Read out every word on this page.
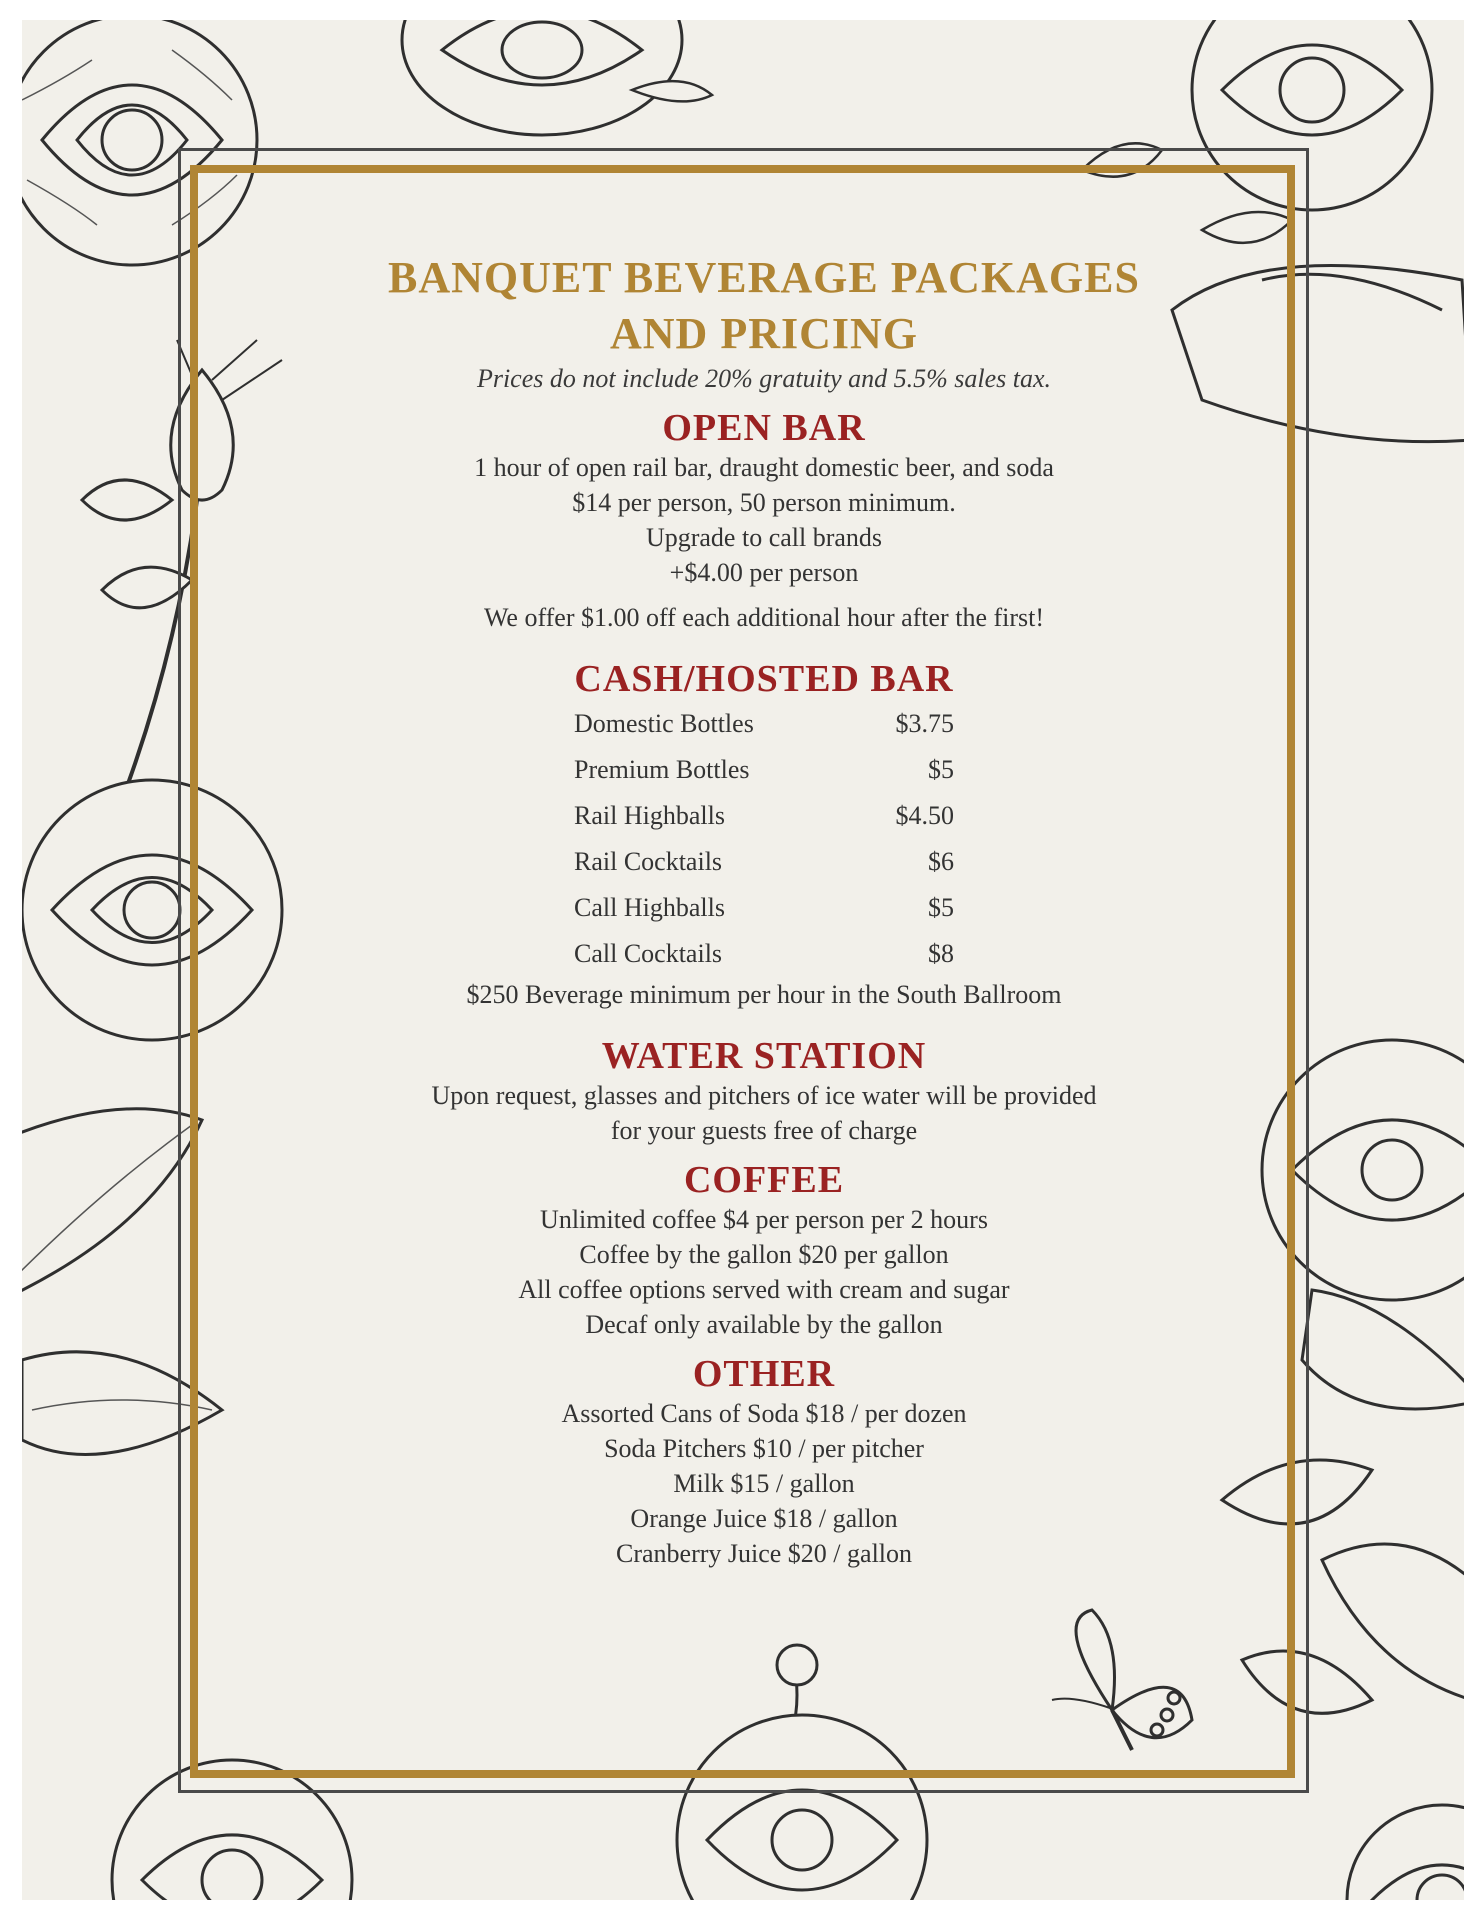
BANQUET BEVERAGE PACKAGES
AND PRICING

Prices do not include 20% gratuity and 5.5% sales tax.

OPEN BAR

1 hour of open rail bar, draught domestic beer, and soda

$14 per person, 50 person minimum.

Upgrade to call brands

+$4.00 per person

We offer $1.00 off each additional hour after the first!

CASH/HOSTED BAR
Domestic Bottles	$3.75
Premium Bottles	$5
Rail Highballs	$4.50
Rail Cocktails	$6
Call Highballs	$5
Call Cocktails	$8

$250 Beverage minimum per hour in the South Ballroom

WATER STATION

Upon request, glasses and pitchers of ice water will be provided

for your guests free of charge

COFFEE

Unlimited coffee $4 per person per 2 hours

Coffee by the gallon $20 per gallon

All coffee options served with cream and sugar

Decaf only available by the gallon

OTHER

Assorted Cans of Soda $18 / per dozen

Soda Pitchers $10 / per pitcher

Milk $15 / gallon

Orange Juice $18 / gallon

Cranberry Juice $20 / gallon
